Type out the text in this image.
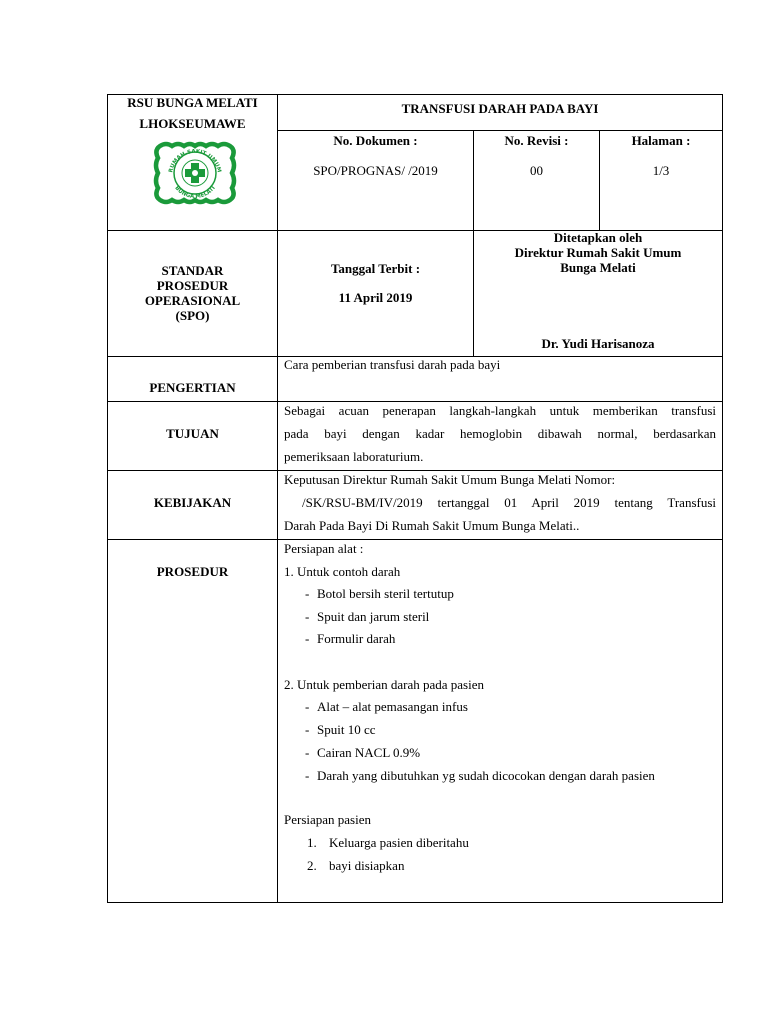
RSU BUNGA MELATI
LHOKSEUMAWE
RUMAH SAKIT UMUM
BUNGA MELATI
TRANSFUSI DARAH PADA BAYI
No. Dokumen :
SPO/PROGNAS/ /2019
No. Revisi :
00
Halaman :
1/3
STANDAR
PROSEDUR
OPERASIONAL
(SPO)
Tanggal Terbit :
11 April 2019
Ditetapkan oleh
Direktur Rumah Sakit Umum
Bunga Melati
Dr. Yudi Harisanoza
PENGERTIAN
Cara pemberian transfusi darah pada bayi
TUJUAN
Sebagai acuan penerapan langkah-langkah untuk memberikan transfusi
pada bayi dengan kadar hemoglobin dibawah normal, berdasarkan
pemeriksaan laboraturium.
KEBIJAKAN
Keputusan Direktur Rumah Sakit Umum Bunga Melati Nomor:
/SK/RSU-BM/IV/2019 tertanggal 01 April 2019 tentang Transfusi
Darah Pada Bayi Di Rumah Sakit Umum Bunga Melati..
PROSEDUR
Persiapan alat :
1. Untuk contoh darah
- Botol bersih steril tertutup
- Spuit dan jarum steril
- Formulir darah
2. Untuk pemberian darah pada pasien
- Alat – alat pemasangan infus
- Spuit 10 cc
- Cairan NACL 0.9%
- Darah yang dibutuhkan yg sudah dicocokan dengan darah pasien
Persiapan pasien
1. Keluarga pasien diberitahu
2. bayi disiapkan
